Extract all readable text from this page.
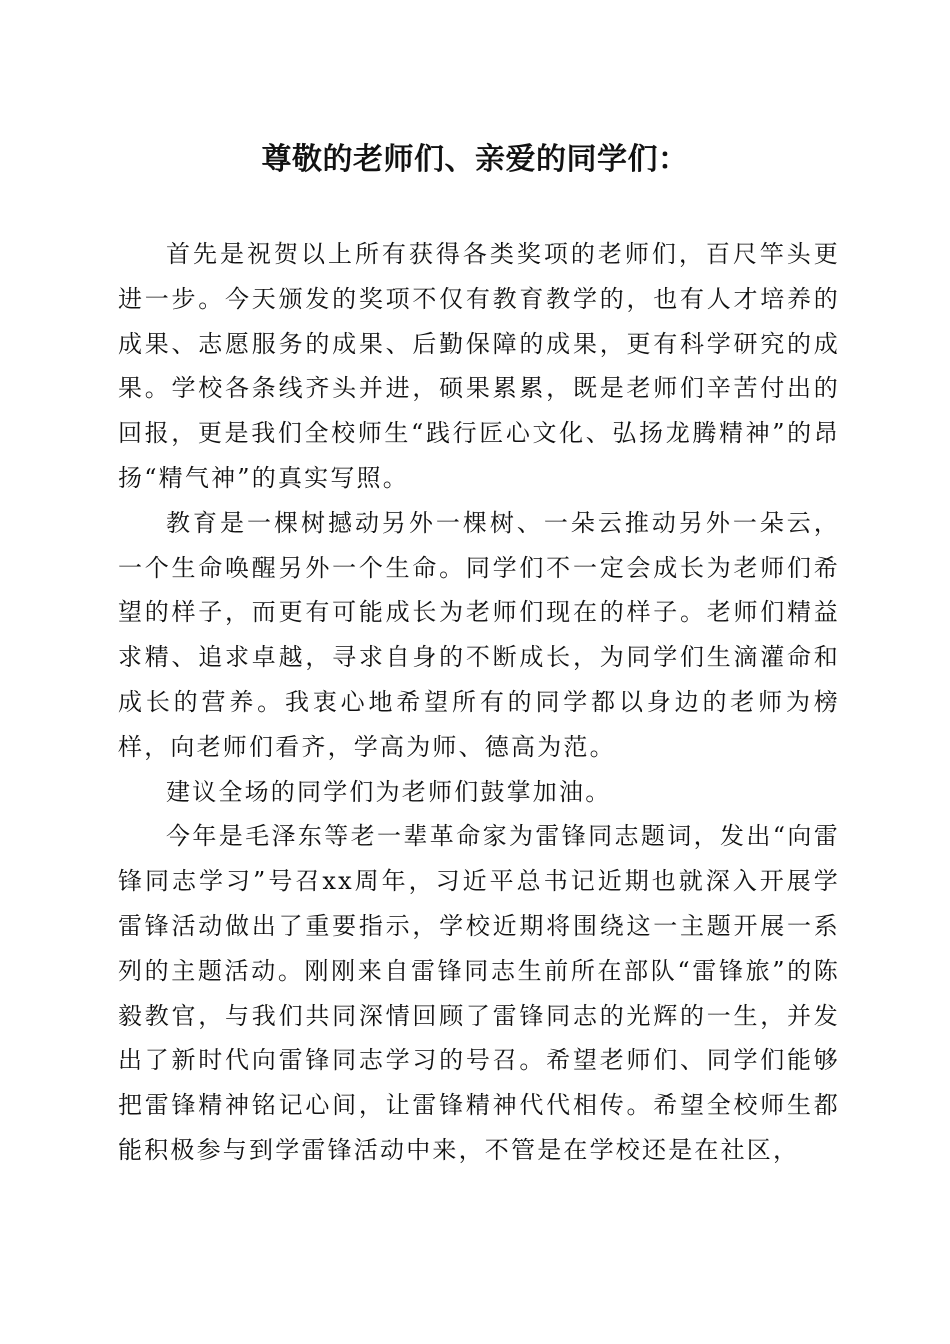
尊敬的老师们、亲爱的同学们：

首先是祝贺以上所有获得各类奖项的老师们，百尺竿头更进一步。今天颁发的奖项不仅有教育教学的，也有人才培养的成果、志愿服务的成果、后勤保障的成果，更有科学研究的成果。学校各条线齐头并进，硕果累累，既是老师们辛苦付出的回报，更是我们全校师生“践行匠心文化、弘扬龙腾精神”的昂扬“精气神”的真实写照。

教育是一棵树撼动另外一棵树、一朵云推动另外一朵云，一个生命唤醒另外一个生命。同学们不一定会成长为老师们希望的样子，而更有可能成长为老师们现在的样子。老师们精益求精、追求卓越，寻求自身的不断成长，为同学们生滴灌命和成长的营养。我衷心地希望所有的同学都以身边的老师为榜样，向老师们看齐，学高为师、德高为范。

建议全场的同学们为老师们鼓掌加油。

今年是毛泽东等老一辈革命家为雷锋同志题词，发出“向雷锋同志学习”号召xx周年，习近平总书记近期也就深入开展学雷锋活动做出了重要指示，学校近期将围绕这一主题开展一系列的主题活动。刚刚来自雷锋同志生前所在部队“雷锋旅”的陈毅教官，与我们共同深情回顾了雷锋同志的光辉的一生，并发出了新时代向雷锋同志学习的号召。希望老师们、同学们能够把雷锋精神铭记心间，让雷锋精神代代相传。希望全校师生都能积极参与到学雷锋活动中来，不管是在学校还是在社区，
